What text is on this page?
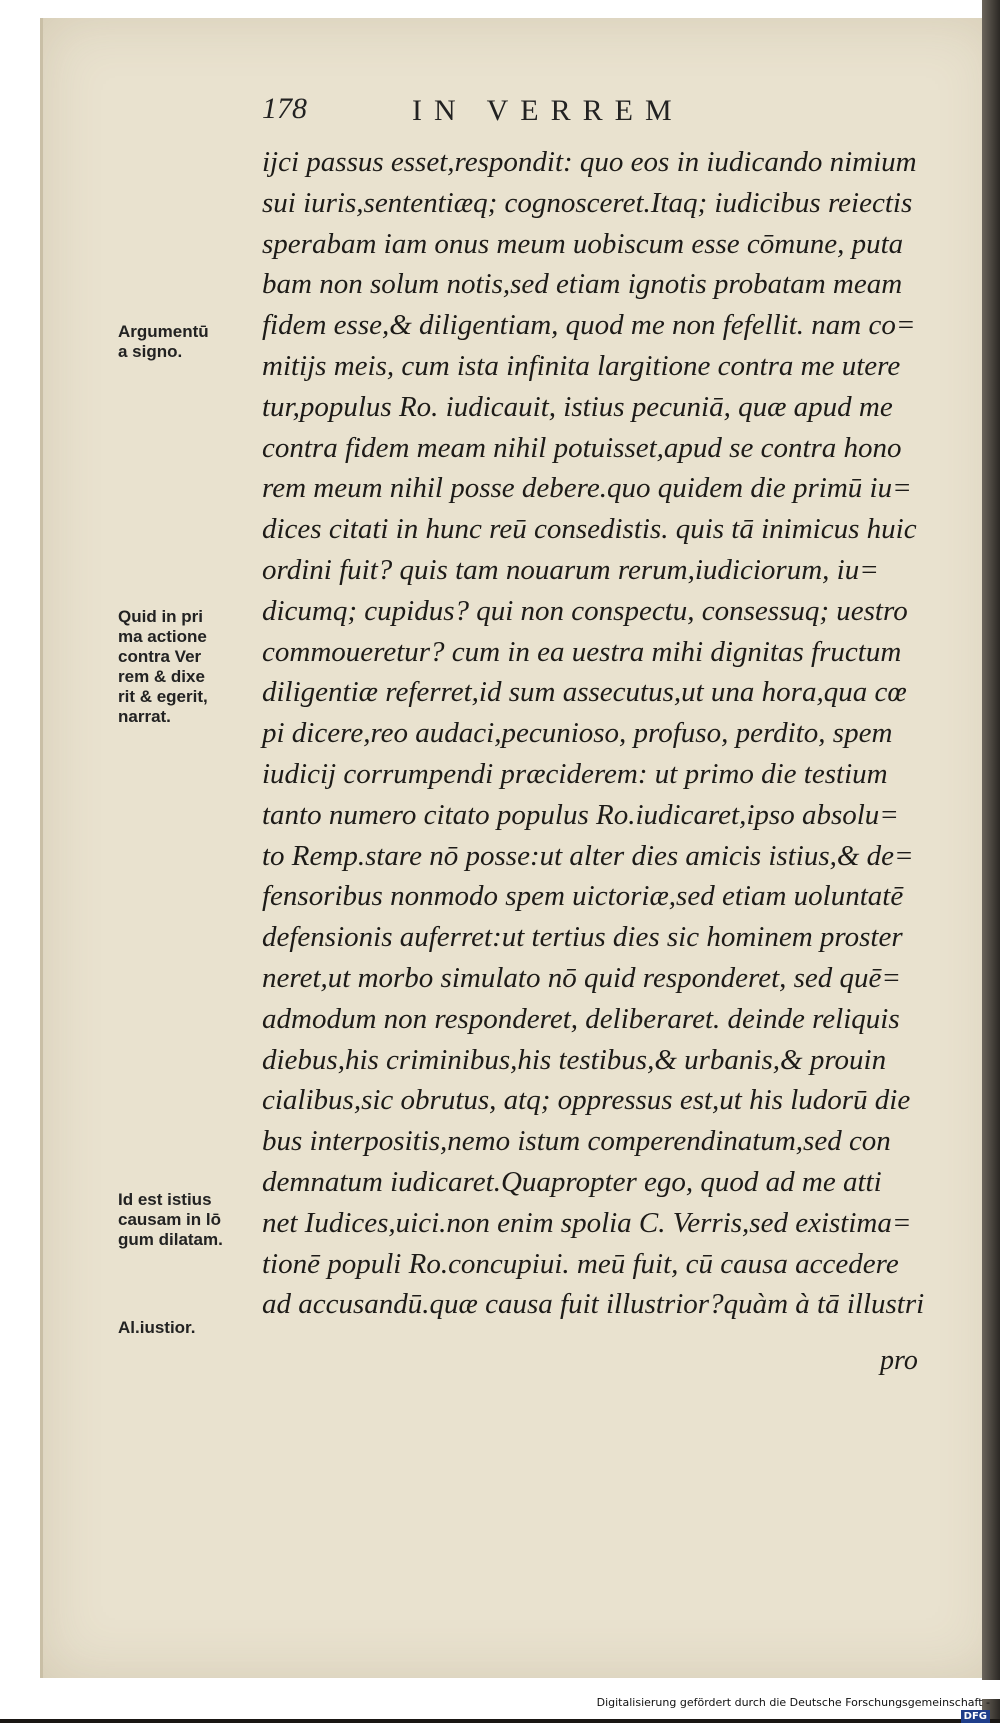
178	IN VERREM
ijci passus esset,respondit: quo eos in iudicando nimium
sui iuris,sententiæq; cognosceret.Itaq; iudicibus reiectis
sperabam iam onus meum uobiscum esse cōmune, puta
bam non solum notis,sed etiam ignotis probatam meam
fidem esse,& diligentiam, quod me non fefellit. nam co=
mitijs meis, cum ista infinita largitione contra me utere
tur,populus Ro. iudicauit, istius pecuniā, quæ apud me
contra fidem meam nihil potuisset,apud se contra hono
rem meum nihil posse debere.quo quidem die primū iu=
dices citati in hunc reū consedistis. quis tā inimicus huic
ordini fuit? quis tam nouarum rerum,iudiciorum, iu=
dicumq; cupidus? qui non conspectu, consessuq; uestro
commoueretur? cum in ea uestra mihi dignitas fructum
diligentiæ referret,id sum assecutus,ut una hora,qua cœ
pi dicere,reo audaci,pecunioso, profuso, perdito, spem
iudicij corrumpendi præciderem: ut primo die testium
tanto numero citato populus Ro.iudicaret,ipso absolu=
to Remp.stare nō posse:ut alter dies amicis istius,& de=
fensoribus nonmodo spem uictoriæ,sed etiam uoluntatē
defensionis auferret:ut tertius dies sic hominem proster
neret,ut morbo simulato nō quid responderet, sed quē=
admodum non responderet, deliberaret. deinde reliquis
diebus,his criminibus,his testibus,& urbanis,& prouin
cialibus,sic obrutus, atq; oppressus est,ut his ludorū die
bus interpositis,nemo istum comperendinatum,sed con
demnatum iudicaret.Quapropter ego, quod ad me atti
net Iudices,uici.non enim spolia C. Verris,sed existima=
tionē populi Ro.concupiui. meū fuit, cū causa accedere
ad accusandū.quæ causa fuit illustrior?quàm à tā illustri
pro
Argumentū
a signo.
Quid in pri
ma actione
contra Ver
rem & dixe
rit & egerit,
narrat.
Id est istius
causam in lō
gum dilatam.
Al.iustior.
Digitalisierung gefördert durch die Deutsche Forschungsgemeinschaft -DFG
